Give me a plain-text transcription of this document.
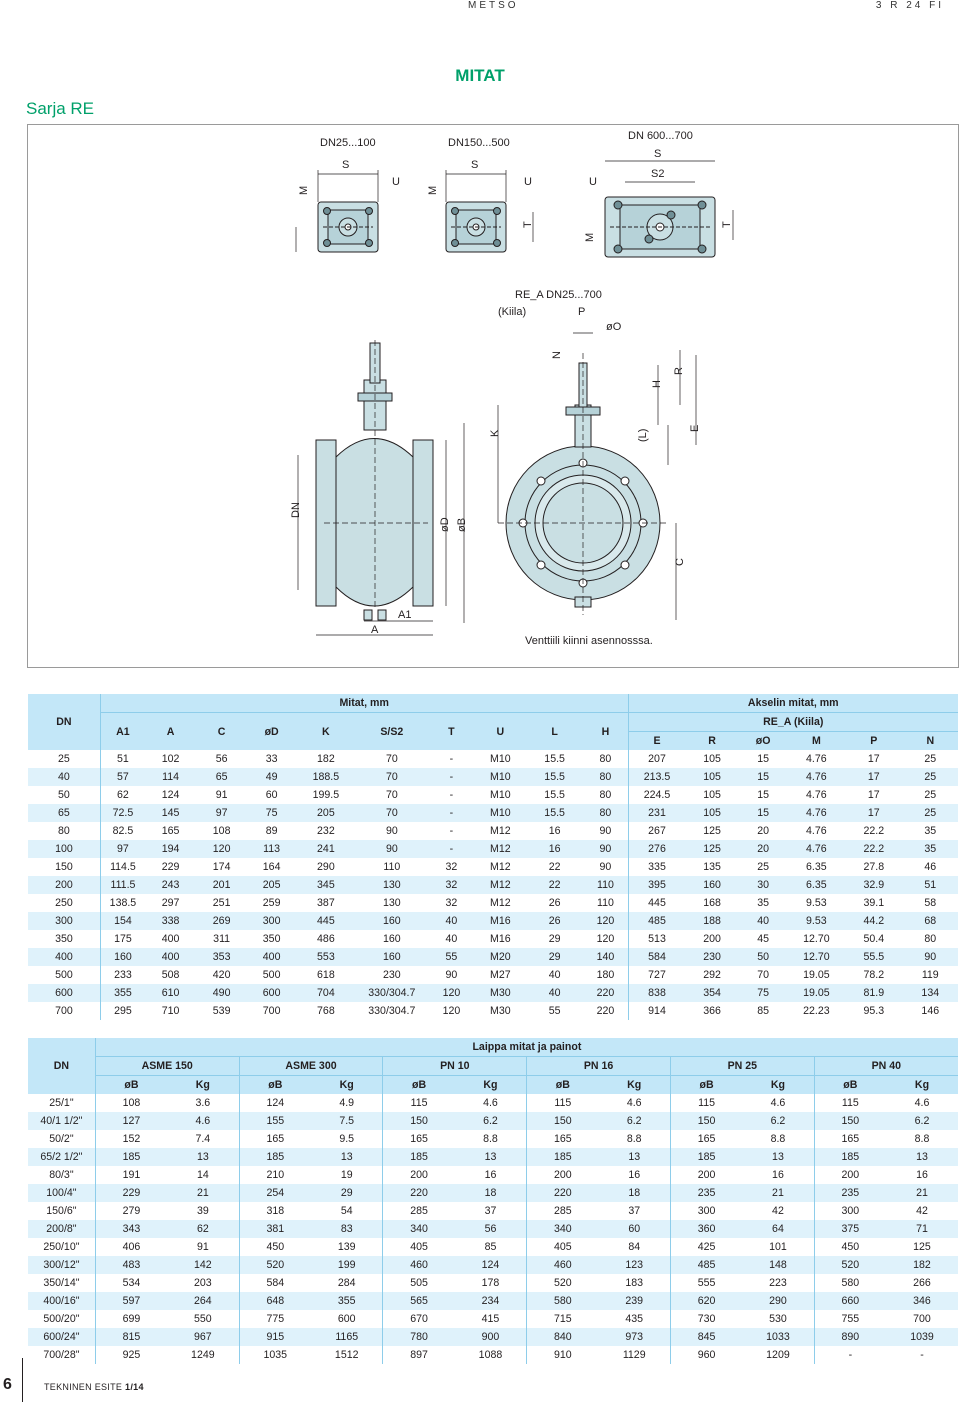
METSO	3 R 24 FI
MITAT
Sarja RE
DN25...100	DN150...500
DN 600...700
S	S
S
S2
U	U	U
M	M
M
T	T
RE_A DN25...700
(Kiila)	P
øO
N
H
R
K	(L)
E
DN
øD øB
C
A1
A
Venttiili kiinni asennosssa.
DN	Mitat, mm										Akselin mitat, mm					
	A1	A	C	øD	K	S/S2	T	U	L	H	RE_A (Kiila)					
											E	R	øO	M	P	N
25	51	102	56	33	182	70	-	M10	15.5	80	207	105	15	4.76	17	25
40	57	114	65	49	188.5	70	-	M10	15.5	80	213.5	105	15	4.76	17	25
50	62	124	91	60	199.5	70	-	M10	15.5	80	224.5	105	15	4.76	17	25
65	72.5	145	97	75	205	70	-	M10	15.5	80	231	105	15	4.76	17	25
80	82.5	165	108	89	232	90	-	M12	16	90	267	125	20	4.76	22.2	35
100	97	194	120	113	241	90	-	M12	16	90	276	125	20	4.76	22.2	35
150	114.5	229	174	164	290	110	32	M12	22	90	335	135	25	6.35	27.8	46
200	111.5	243	201	205	345	130	32	M12	22	110	395	160	30	6.35	32.9	51
250	138.5	297	251	259	387	130	32	M12	26	110	445	168	35	9.53	39.1	58
300	154	338	269	300	445	160	40	M16	26	120	485	188	40	9.53	44.2	68
350	175	400	311	350	486	160	40	M16	29	120	513	200	45	12.70	50.4	80
400	160	400	353	400	553	160	55	M20	29	140	584	230	50	12.70	55.5	90
500	233	508	420	500	618	230	90	M27	40	180	727	292	70	19.05	78.2	119
600	355	610	490	600	704	330/304.7	120	M30	40	220	838	354	75	19.05	81.9	134
700	295	710	539	700	768	330/304.7	120	M30	55	220	914	366	85	22.23	95.3	146
DN	Laippa mitat ja painot											
	ASME 150		ASME 300		PN 10		PN 16		PN 25		PN 40	
	øB	Kg	øB	Kg	øB	Kg	øB	Kg	øB	Kg	øB	Kg
25/1"	108	3.6	124	4.9	115	4.6	115	4.6	115	4.6	115	4.6
40/1 1/2"	127	4.6	155	7.5	150	6.2	150	6.2	150	6.2	150	6.2
50/2"	152	7.4	165	9.5	165	8.8	165	8.8	165	8.8	165	8.8
65/2 1/2"	185	13	185	13	185	13	185	13	185	13	185	13
80/3"	191	14	210	19	200	16	200	16	200	16	200	16
100/4"	229	21	254	29	220	18	220	18	235	21	235	21
150/6"	279	39	318	54	285	37	285	37	300	42	300	42
200/8"	343	62	381	83	340	56	340	60	360	64	375	71
250/10"	406	91	450	139	405	85	405	84	425	101	450	125
300/12"	483	142	520	199	460	124	460	123	485	148	520	182
350/14"	534	203	584	284	505	178	520	183	555	223	580	266
400/16"	597	264	648	355	565	234	580	239	620	290	660	346
500/20"	699	550	775	600	670	415	715	435	730	530	755	700
600/24"	815	967	915	1165	780	900	840	973	845	1033	890	1039
700/28"	925	1249	1035	1512	897	1088	910	1129	960	1209	-	-
6	TEKNINEN ESITE 1/14
